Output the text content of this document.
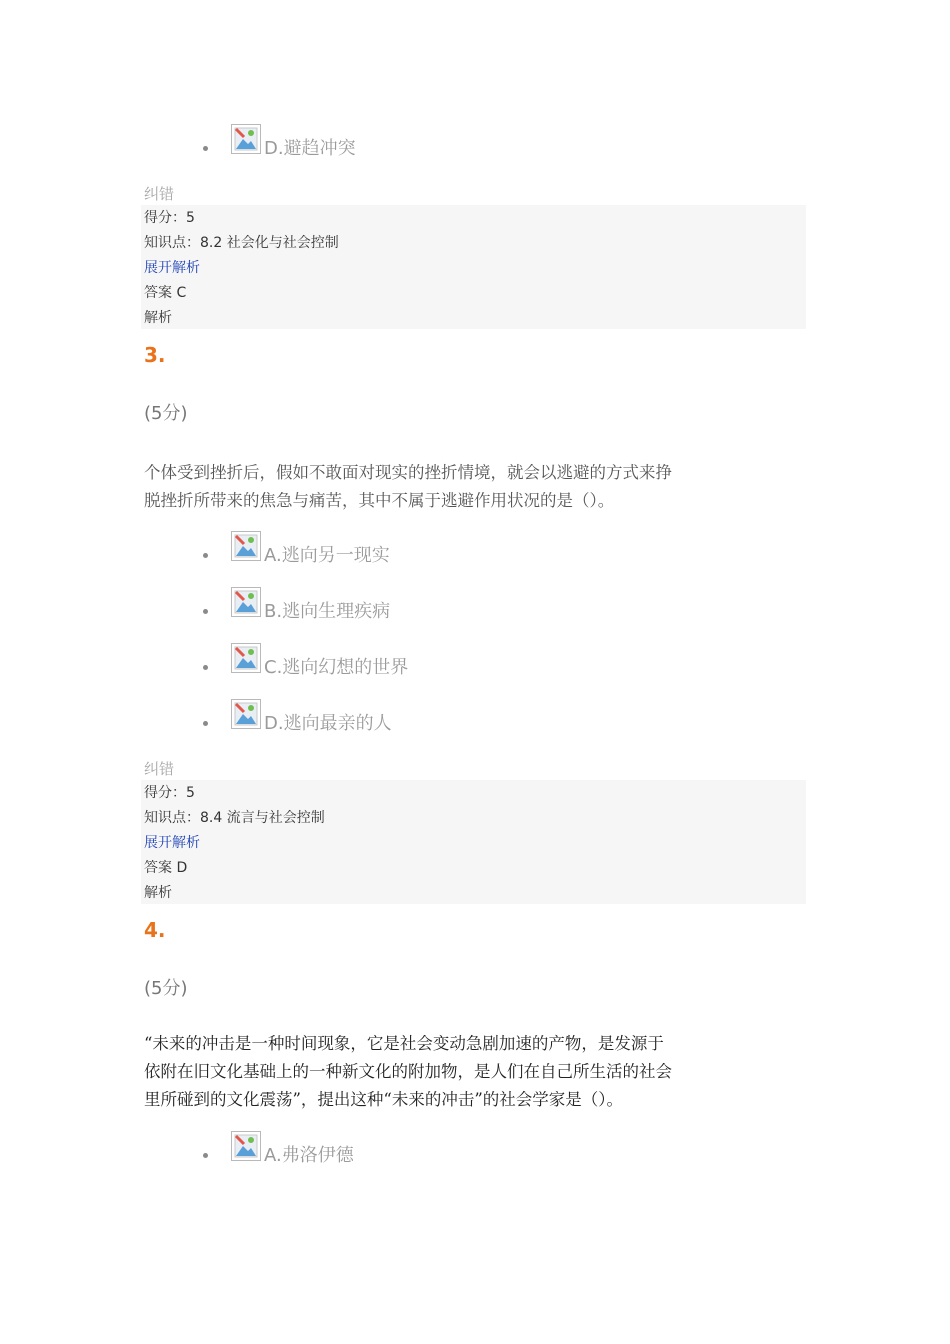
D.避趋冲突
纠错
得分：5
知识点：8.2 社会化与社会控制
展开解析
答案 C
解析
3.
(5分)
个体受到挫折后，假如不敢面对现实的挫折情境，就会以逃避的方式来挣
脱挫折所带来的焦急与痛苦，其中不属于逃避作用状况的是（）。
A.逃向另一现实
B.逃向生理疾病
C.逃向幻想的世界
D.逃向最亲的人
纠错
得分：5
知识点：8.4 流言与社会控制
展开解析
答案 D
解析
4.
(5分)
“未来的冲击是一种时间现象，它是社会变动急剧加速的产物，是发源于
依附在旧文化基础上的一种新文化的附加物，是人们在自己所生活的社会
里所碰到的文化震荡”，提出这种“未来的冲击”的社会学家是（）。
A.弗洛伊德
